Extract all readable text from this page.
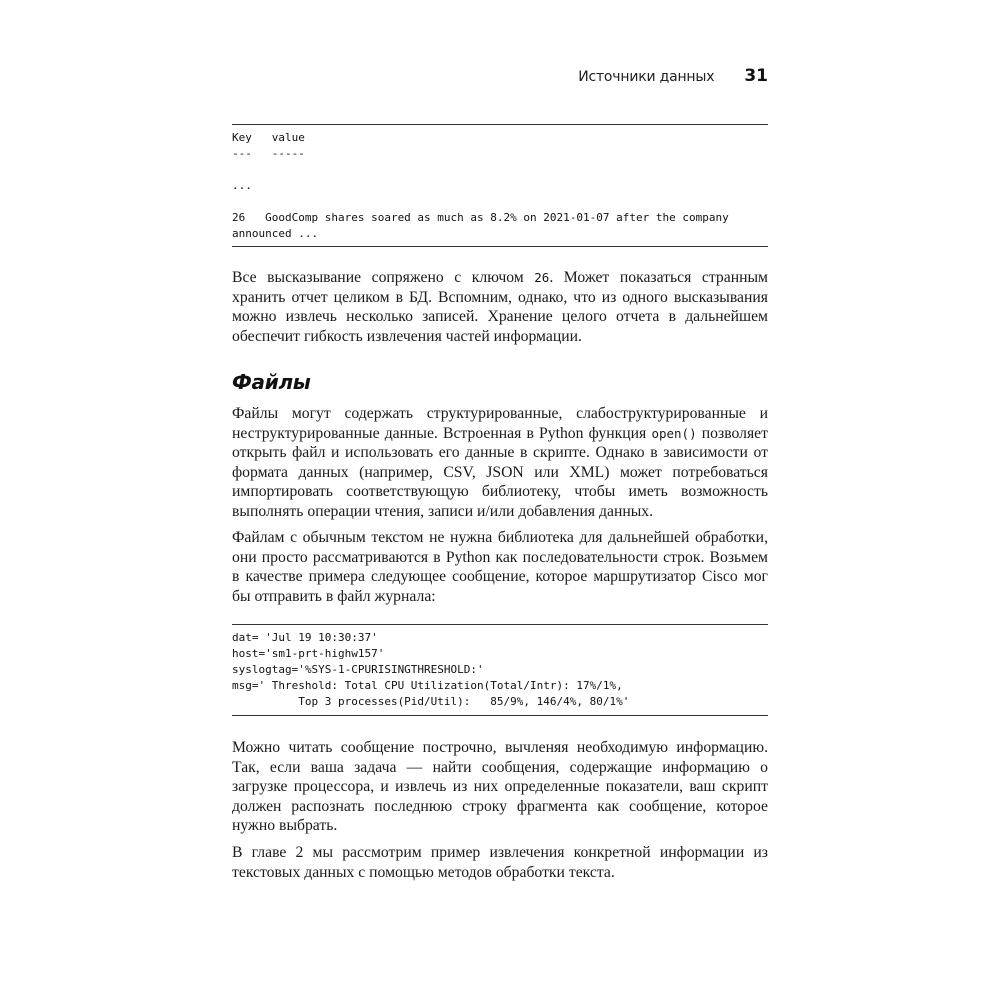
Источники данных 31
Key   value
---   -----

...

26   GoodComp shares soared as much as 8.2% on 2021-01-07 after the company
announced ...

Все высказывание сопряжено с ключом 26. Может показаться странным хранить отчет целиком в БД. Вспомним, однако, что из одного высказывания можно извлечь несколько записей. Хранение целого отчета в дальнейшем обеспечит гибкость извлечения частей информации.

Файлы

Файлы могут содержать структурированные, слабоструктурированные и неструктурированные данные. Встроенная в Python функция open() позволяет открыть файл и использовать его данные в скрипте. Однако в зависимости от формата данных (например, CSV, JSON или XML) может потребоваться импортировать соответствующую библиотеку, чтобы иметь возможность выполнять операции чтения, записи и/или добавления данных.

Файлам с обычным текстом не нужна библиотека для дальнейшей обработки, они просто рассматриваются в Python как последовательности строк. Возьмем в качестве примера следующее сообщение, которое маршрутизатор Cisco мог бы отправить в файл журнала:

dat= 'Jul 19 10:30:37'
host='sm1-prt-highw157'
syslogtag='%SYS-1-CPURISINGTHRESHOLD:'
msg=' Threshold: Total CPU Utilization(Total/Intr): 17%/1%,
Top 3 processes(Pid/Util):   85/9%, 146/4%, 80/1%'

Можно читать сообщение построчно, вычленяя необходимую информацию. Так, если ваша задача — найти сообщения, содержащие информацию о загрузке процессора, и извлечь из них определенные показатели, ваш скрипт должен распознать последнюю строку фрагмента как сообщение, которое нужно выбрать.

В главе 2 мы рассмотрим пример извлечения конкретной информации из текстовых данных с помощью методов обработки текста.
